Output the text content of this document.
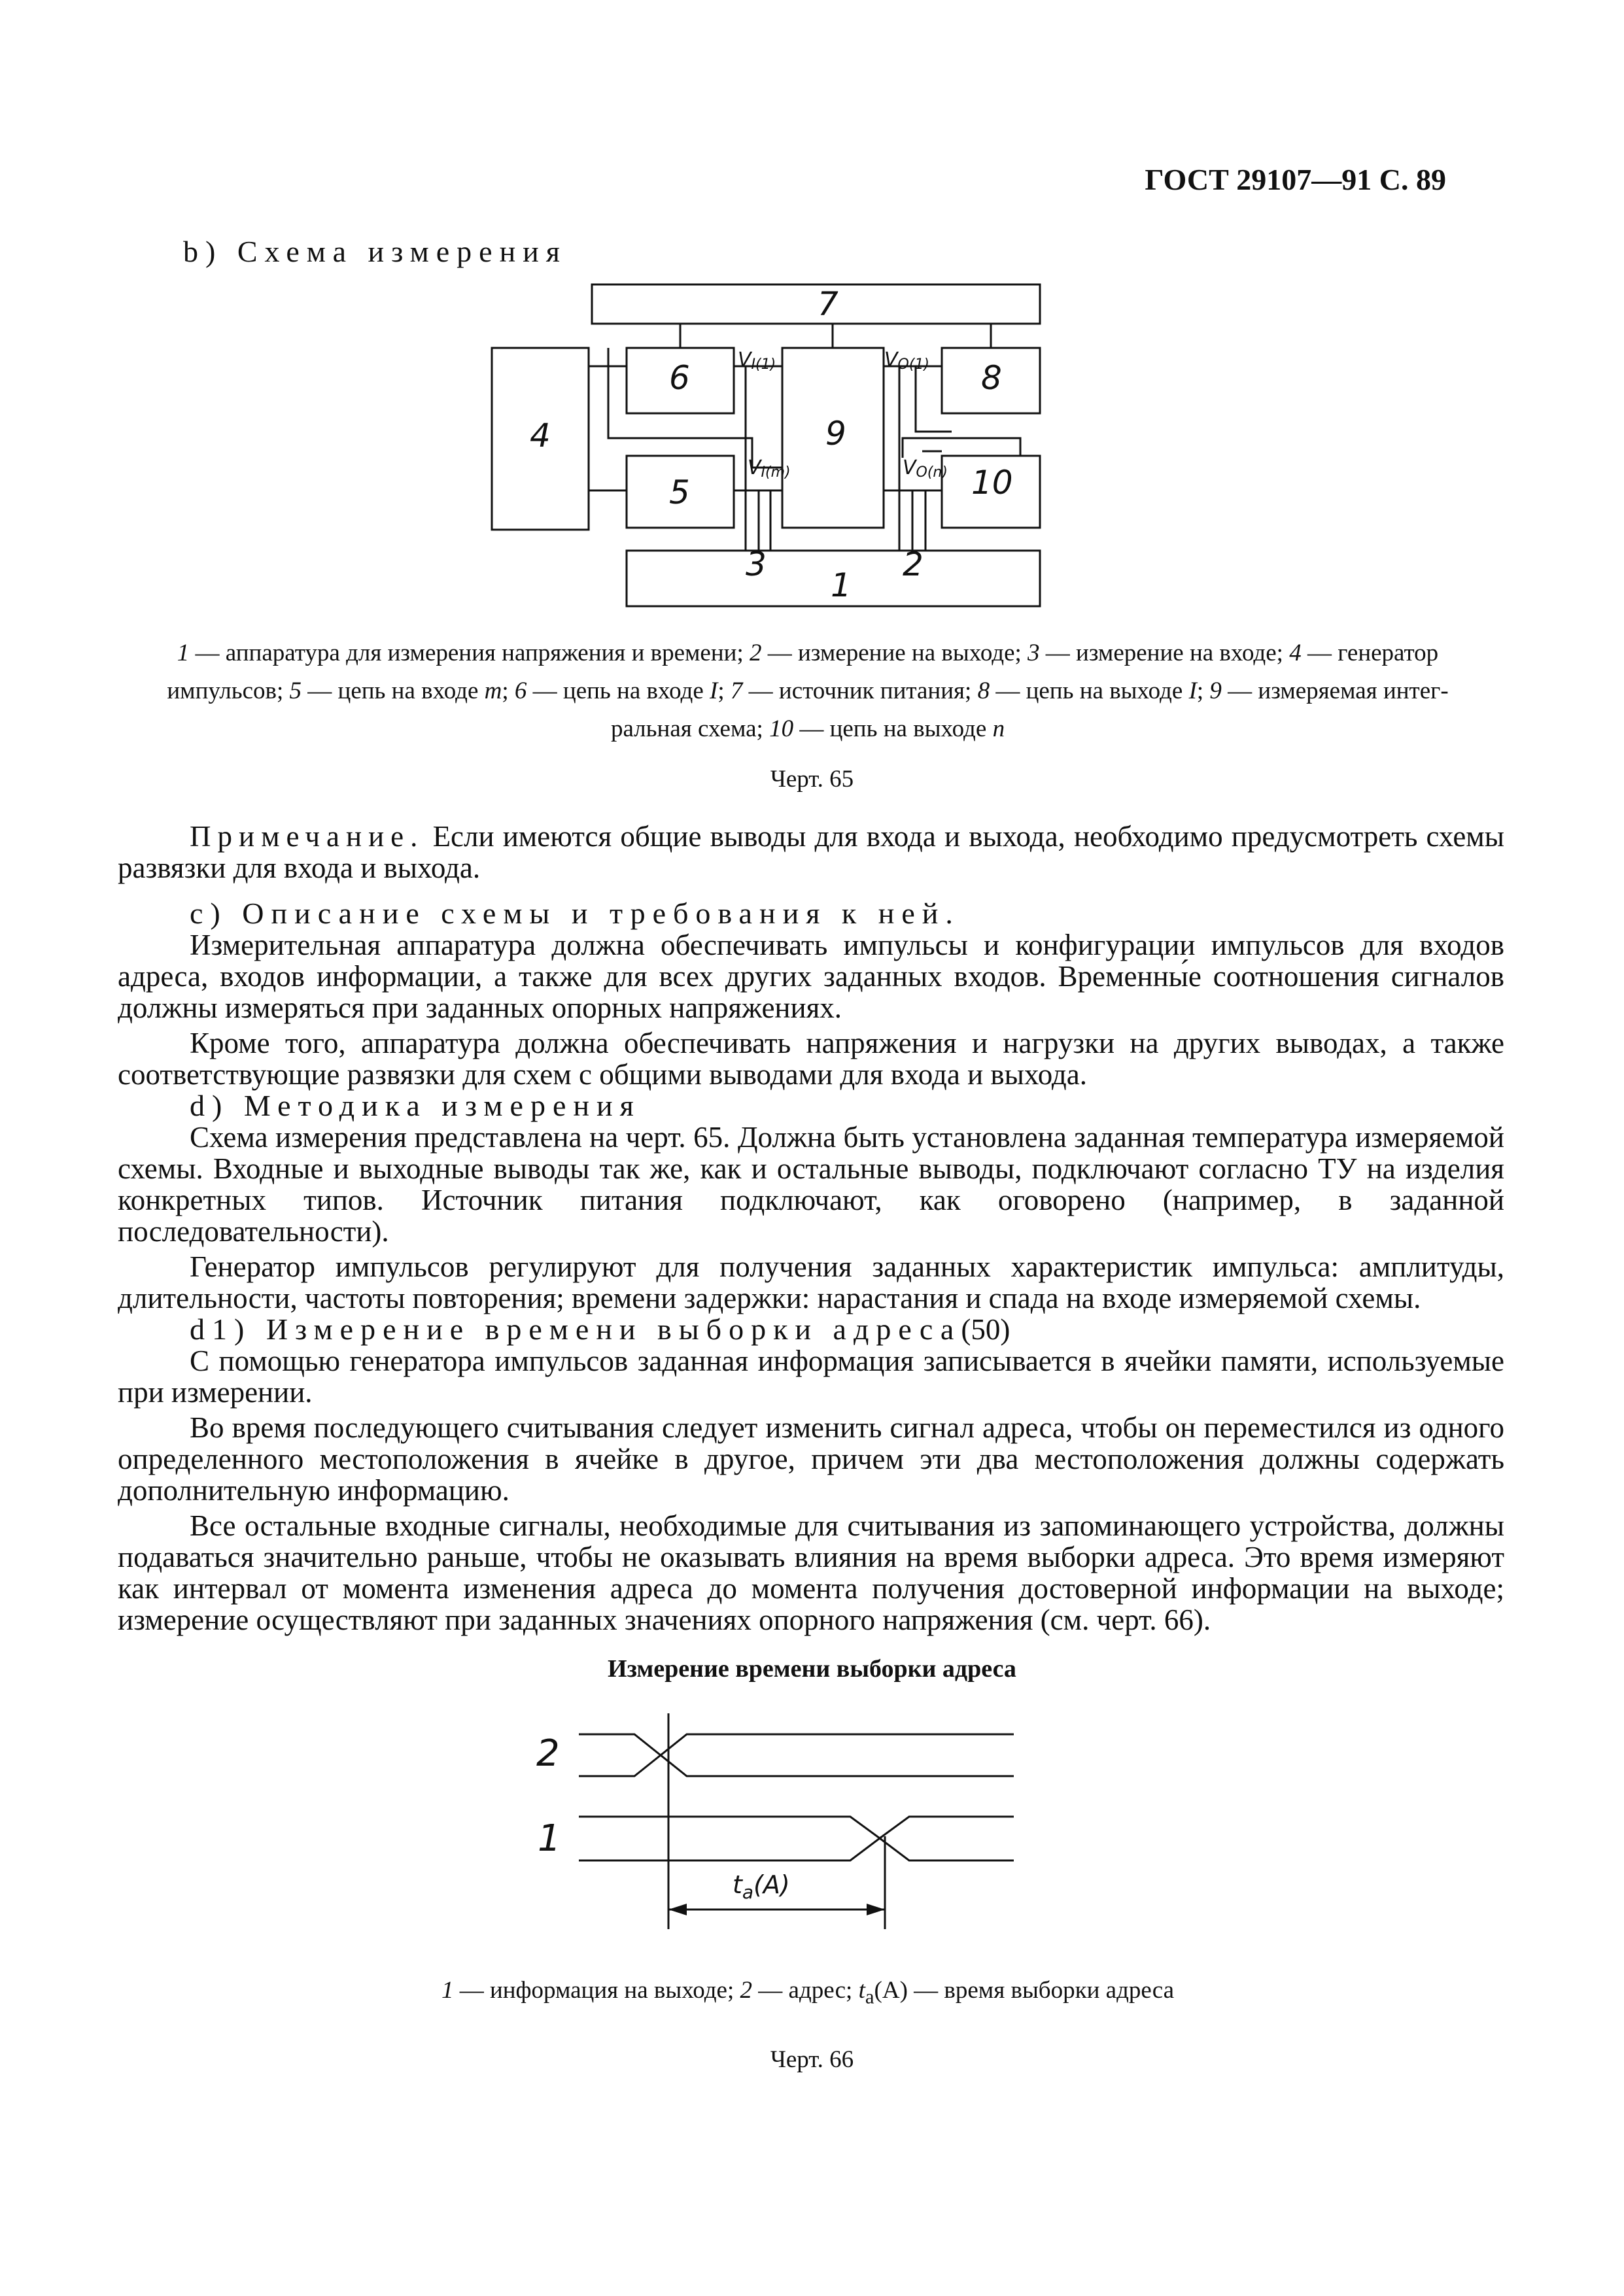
ГОСТ 29107—91 С. 89
b) Схема измерения
7
6	8
4	9
5	10
3
1
2
VI(1)	VO(1)
VI(m)	VO(n)
1 — аппаратура для измерения напряжения и времени; 2 — измерение на выходе; 3 — измерение на входе; 4 — генератор
импульсов; 5 — цепь на входе m; 6 — цепь на входе I; 7 — источник питания; 8 — цепь на выходе I; 9 — измеряемая интег-
ральная схема; 10 — цепь на выходе n
Черт. 65

Примечание. Если имеются общие выводы для входа и выхода, необходимо предусмотреть схемы развязки для входа и выхода.

c) Описание схемы и требования к ней.

Измерительная аппаратура должна обеспечивать импульсы и конфигурации импульсов для входов адреса, входов информации, а также для всех других заданных входов. Временны́е соотношения сигналов должны измеряться при заданных опорных напряжениях.

Кроме того, аппаратура должна обеспечивать напряжения и нагрузки на других выводах, а также соответствующие развязки для схем с общими выводами для входа и выхода.

d) Методика измерения

Схема измерения представлена на черт. 65. Должна быть установлена заданная температура измеряемой схемы. Входные и выходные выводы так же, как и остальные выводы, подключают согласно ТУ на изделия конкретных типов. Источник питания подключают, как оговорено (например, в заданной последовательности).

Генератор импульсов регулируют для получения заданных характеристик импульса: амплитуды, длительности, частоты повторения; времени задержки: нарастания и спада на входе измеряемой схемы.

d1) Измерение времени выборки адреса(50)

С помощью генератора импульсов заданная информация записывается в ячейки памяти, используемые при измерении.

Во время последующего считывания следует изменить сигнал адреса, чтобы он переместился из одного определенного местоположения в ячейке в другое, причем эти два местоположения должны содержать дополнительную информацию.

Все остальные входные сигналы, необходимые для считывания из запоминающего устройства, должны подаваться значительно раньше, чтобы не оказывать влияния на время выборки адреса. Это время измеряют как интервал от момента изменения адреса до момента получения достоверной информации на выходе; измерение осуществляют при заданных значениях опорного напряжения (см. черт. 66).

Измерение времени выборки адреса
2
1
$t_a(A)$
1 — информация на выходе; 2 — адрес; $t_a(A)$ — время выборки адреса
Черт. 66
